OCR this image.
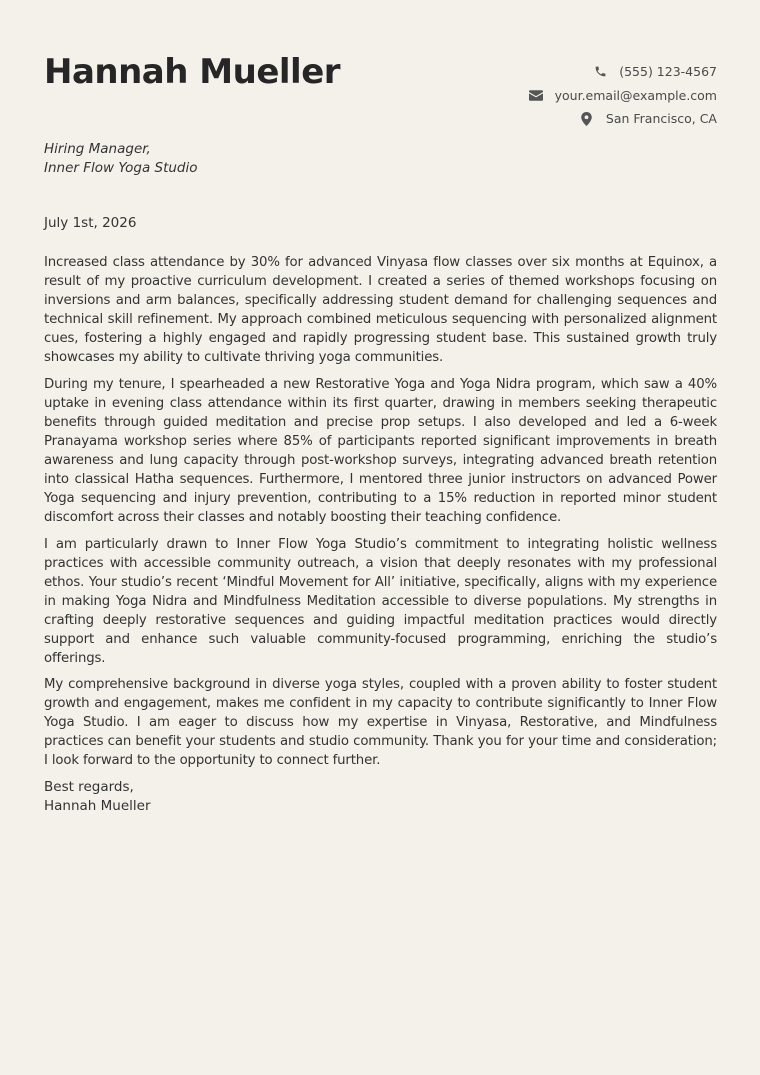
Hannah Mueller	(555) 123-4567
your.email@example.com
San Francisco, CA
Hiring Manager,
Inner Flow Yoga Studio
July 1st, 2026

Increased class attendance by 30% for advanced Vinyasa flow classes over six months at Equinox, a result of my proactive curriculum development. I created a series of themed workshops focusing on inversions and arm balances, specifically addressing student demand for challenging sequences and technical skill refinement. My approach combined meticulous sequencing with personalized alignment cues, fostering a highly engaged and rapidly progressing student base. This sustained growth truly showcases my ability to cultivate thriving yoga communities.

During my tenure, I spearheaded a new Restorative Yoga and Yoga Nidra program, which saw a 40% uptake in evening class attendance within its first quarter, drawing in members seeking therapeutic benefits through guided meditation and precise prop setups. I also developed and led a 6-week Pranayama workshop series where 85% of participants reported significant improvements in breath awareness and lung capacity through post-workshop surveys, integrating advanced breath retention into classical Hatha sequences. Furthermore, I mentored three junior instructors on advanced Power Yoga sequencing and injury prevention, contributing to a 15% reduction in reported minor student discomfort across their classes and notably boosting their teaching confidence.

I am particularly drawn to Inner Flow Yoga Studio’s commitment to integrating holistic wellness practices with accessible community outreach, a vision that deeply resonates with my professional ethos. Your studio’s recent ‘Mindful Movement for All’ initiative, specifically, aligns with my experience in making Yoga Nidra and Mindfulness Meditation accessible to diverse populations. My strengths in crafting deeply restorative sequences and guiding impactful meditation practices would directly support and enhance such valuable community-focused programming, enriching the studio’s offerings.

My comprehensive background in diverse yoga styles, coupled with a proven ability to foster student growth and engagement, makes me confident in my capacity to contribute significantly to Inner Flow Yoga Studio. I am eager to discuss how my expertise in Vinyasa, Restorative, and Mindfulness practices can benefit your students and studio community. Thank you for your time and consideration; I look forward to the opportunity to connect further.

Best regards,
Hannah Mueller
